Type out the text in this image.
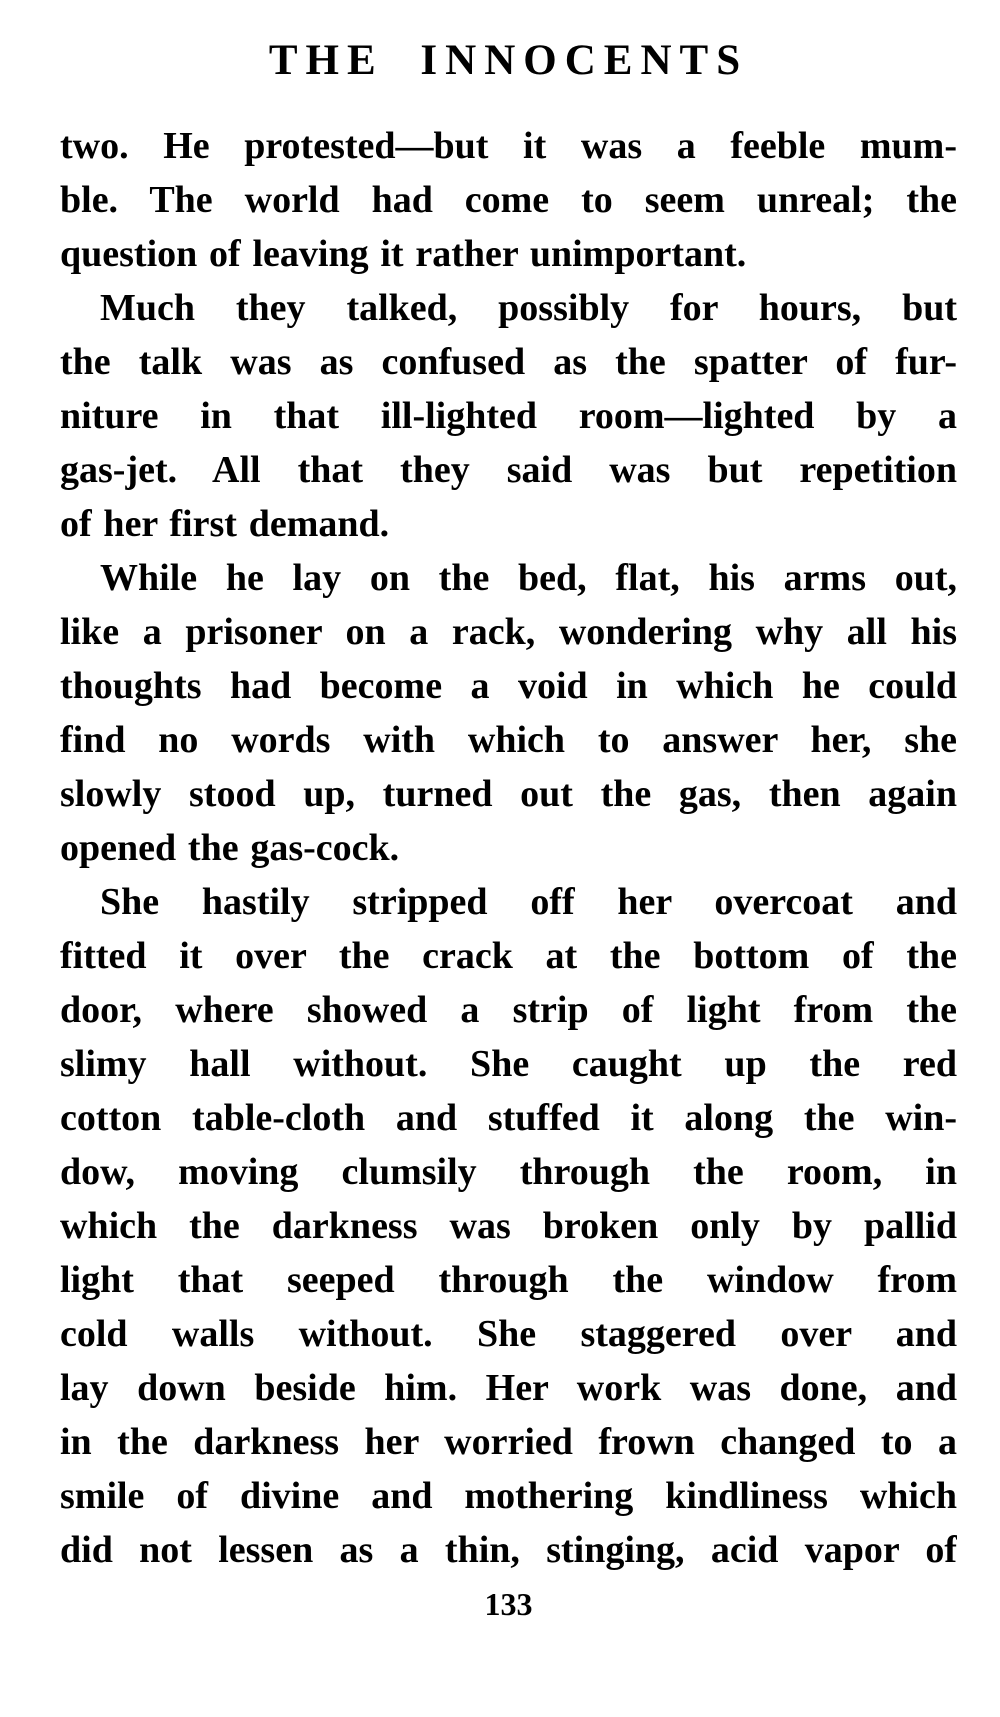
THE INNOCENTS
two. He protested—but it was a feeble mum-
ble. The world had come to seem unreal; the
question of leaving it rather unimportant.
Much they talked, possibly for hours, but
the talk was as confused as the spatter of fur-
niture in that ill-lighted room—lighted by a
gas-jet. All that they said was but repetition
of her first demand.
While he lay on the bed, flat, his arms out,
like a prisoner on a rack, wondering why all his
thoughts had become a void in which he could
find no words with which to answer her, she
slowly stood up, turned out the gas, then again
opened the gas-cock.
She hastily stripped off her overcoat and
fitted it over the crack at the bottom of the
door, where showed a strip of light from the
slimy hall without. She caught up the red
cotton table-cloth and stuffed it along the win-
dow, moving clumsily through the room, in
which the darkness was broken only by pallid
light that seeped through the window from
cold walls without. She staggered over and
lay down beside him. Her work was done, and
in the darkness her worried frown changed to a
smile of divine and mothering kindliness which
did not lessen as a thin, stinging, acid vapor of
133
